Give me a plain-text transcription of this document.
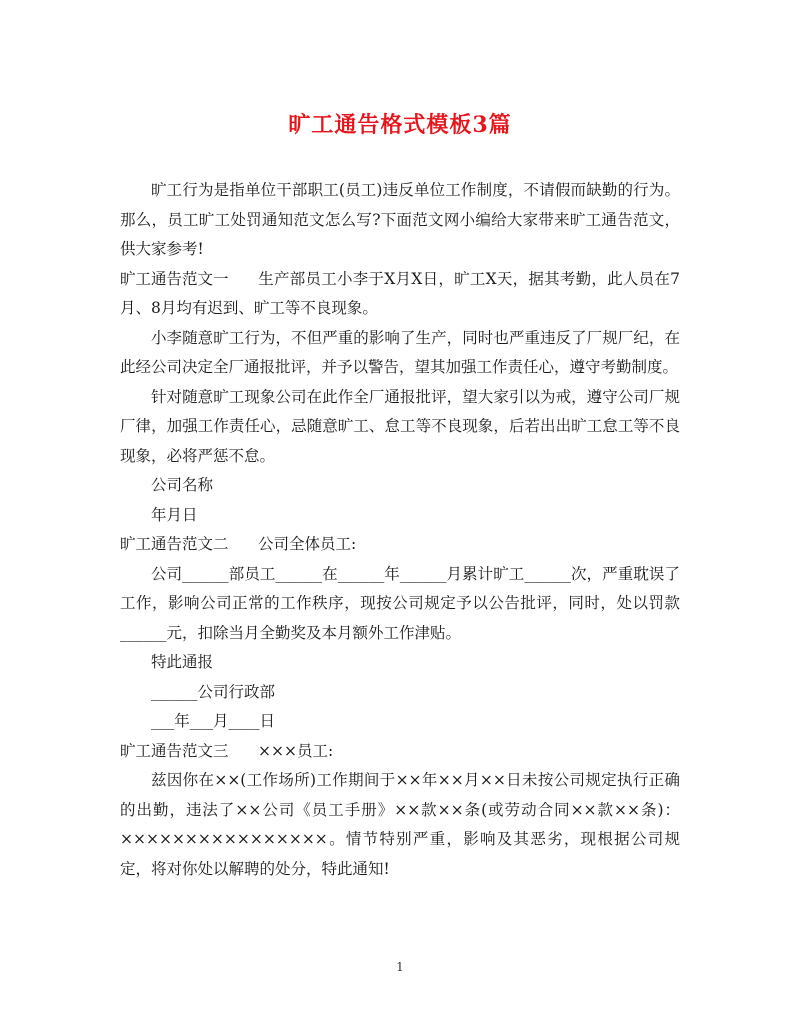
旷工通告格式模板3篇

旷工行为是指单位干部职工(员工)违反单位工作制度，不请假而缺勤的行为。那么，员工旷工处罚通知范文怎么写?下面范文网小编给大家带来旷工通告范文，供大家参考!

旷工通告范文一 生产部员工小李于X月X日，旷工X天，据其考勤，此人员在7月、8月均有迟到、旷工等不良现象。

小李随意旷工行为，不但严重的影响了生产，同时也严重违反了厂规厂纪，在此经公司决定全厂通报批评，并予以警告，望其加强工作责任心，遵守考勤制度。

针对随意旷工现象公司在此作全厂通报批评，望大家引以为戒，遵守公司厂规厂律，加强工作责任心，忌随意旷工、怠工等不良现象，后若出出旷工怠工等不良现象，必将严惩不怠。

公司名称

年月日

旷工通告范文二 公司全体员工:

公司______部员工______在______年______月累计旷工______次，严重耽误了工作，影响公司正常的工作秩序，现按公司规定予以公告批评，同时，处以罚款______元，扣除当月全勤奖及本月额外工作津贴。

特此通报

______公司行政部

___年___月____日

旷工通告范文三 ×××员工:

兹因你在××(工作场所)工作期间于××年××月××日未按公司规定执行正确的出勤，违法了××公司《员工手册》××款××条(或劳动合同××款××条)：××××××××××××××××。情节特别严重，影响及其恶劣，现根据公司规定，将对你处以解聘的处分，特此通知!

1
